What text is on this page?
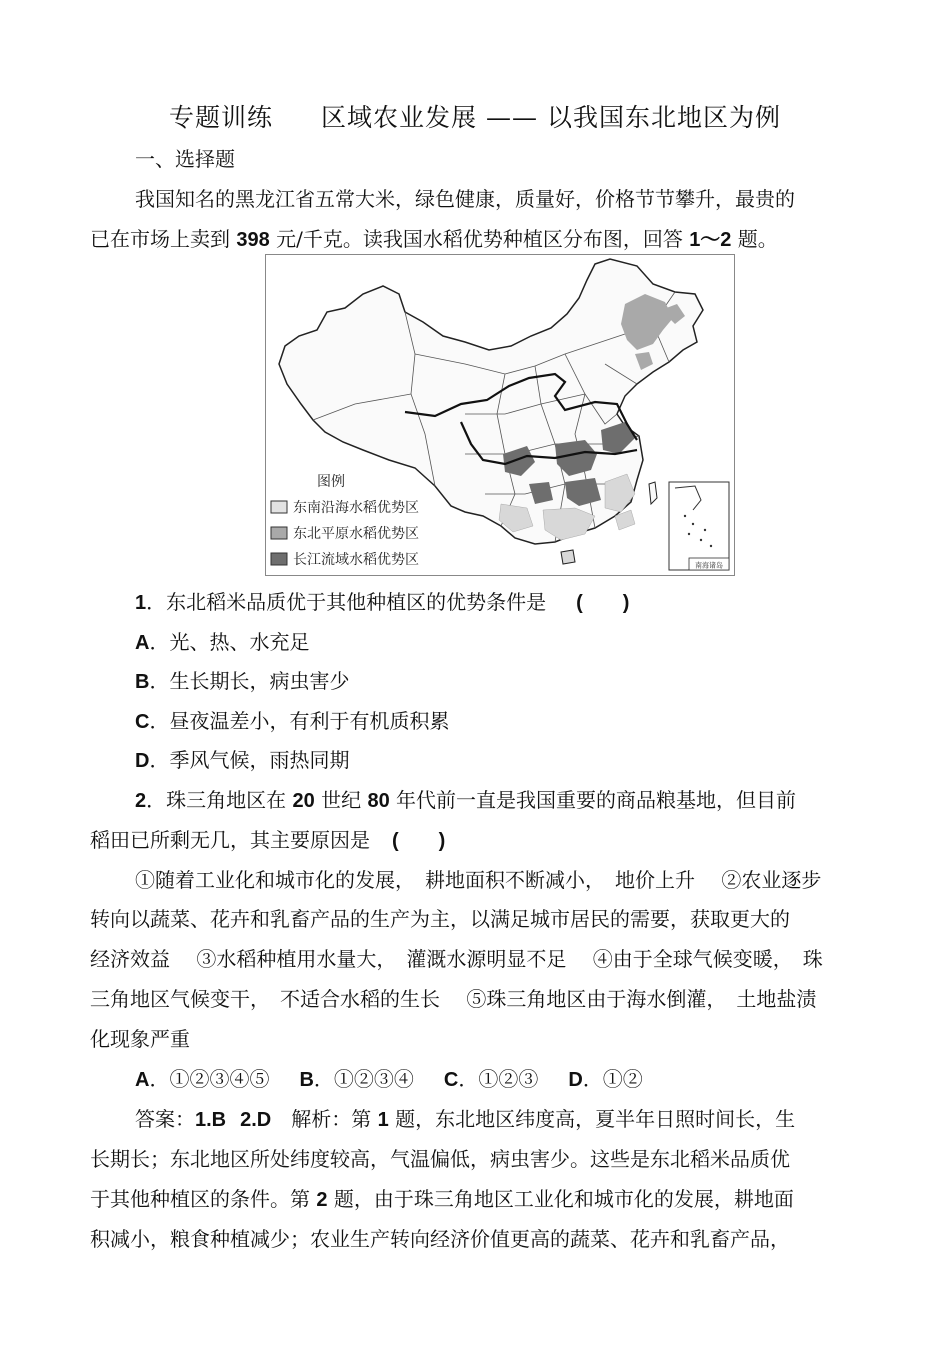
专题训练 区域农业发展 —— 以我国东北地区为例
一、选择题
我国知名的黑龙江省五常大米，绿色健康，质量好，价格节节攀升，最贵的
已在市场上卖到 398 元/千克。读我国水稻优势种植区分布图，回答 1～2 题。
南海诸岛
图例
东南沿海水稻优势区
东北平原水稻优势区
长江流域水稻优势区
1．东北稻米品质优于其他种植区的优势条件是 (　　)
A．光、热、水充足
B．生长期长，病虫害少
C．昼夜温差小，有利于有机质积累
D．季风气候，雨热同期
2．珠三角地区在 20 世纪 80 年代前一直是我国重要的商品粮基地，但目前
稻田已所剩无几，其主要原因是 (　　)
①随着工业化和城市化的发展，　耕地面积不断减小，　地价上升　 ②农业逐步
转向以蔬菜、花卉和乳畜产品的生产为主，以满足城市居民的需要，获取更大的
经济效益　 ③水稻种植用水量大，　灌溉水源明显不足　 ④由于全球气候变暖，　珠
三角地区气候变干，　不适合水稻的生长　 ⑤珠三角地区由于海水倒灌，　土地盐渍
化现象严重
A．①②③④⑤ B．①②③④ C．①②③ D．①②
答案：1.B 2.D　解析：第 1 题，东北地区纬度高，夏半年日照时间长，生
长期长；东北地区所处纬度较高，气温偏低，病虫害少。这些是东北稻米品质优
于其他种植区的条件。第 2 题，由于珠三角地区工业化和城市化的发展，耕地面
积减小，粮食种植减少；农业生产转向经济价值更高的蔬菜、花卉和乳畜产品，
